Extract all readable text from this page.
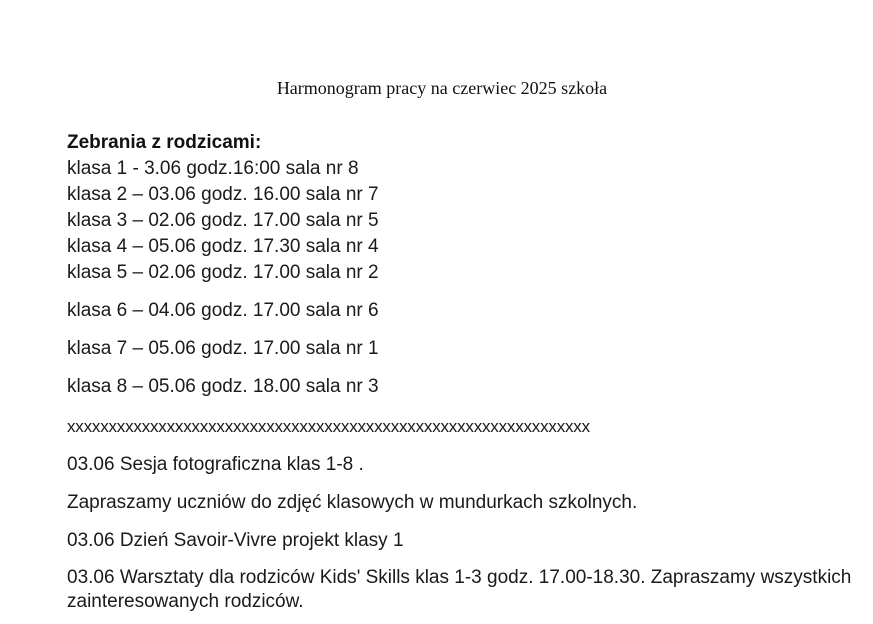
Harmonogram pracy na czerwiec 2025 szkoła
Zebrania z rodzicami:
klasa 1 - 3.06 godz.16:00 sala nr 8
klasa 2 – 03.06 godz. 16.00 sala nr 7
klasa 3 – 02.06 godz. 17.00 sala nr 5
klasa 4 – 05.06 godz. 17.30 sala nr 4
klasa 5 – 02.06 godz. 17.00 sala nr 2
klasa 6 – 04.06 godz. 17.00 sala nr 6
klasa 7 – 05.06 godz. 17.00 sala nr 1
klasa 8 – 05.06 godz. 18.00 sala nr 3
xxxxxxxxxxxxxxxxxxxxxxxxxxxxxxxxxxxxxxxxxxxxxxxxxxxxxxxxxxxxxxx
03.06 Sesja fotograficzna klas 1-8 .
Zapraszamy uczniów do zdjęć klasowych w mundurkach szkolnych.
03.06 Dzień Savoir-Vivre projekt klasy 1
03.06 Warsztaty dla rodziców Kids' Skills klas 1-3 godz. 17.00-18.30. Zapraszamy wszystkich zainteresowanych rodziców.
